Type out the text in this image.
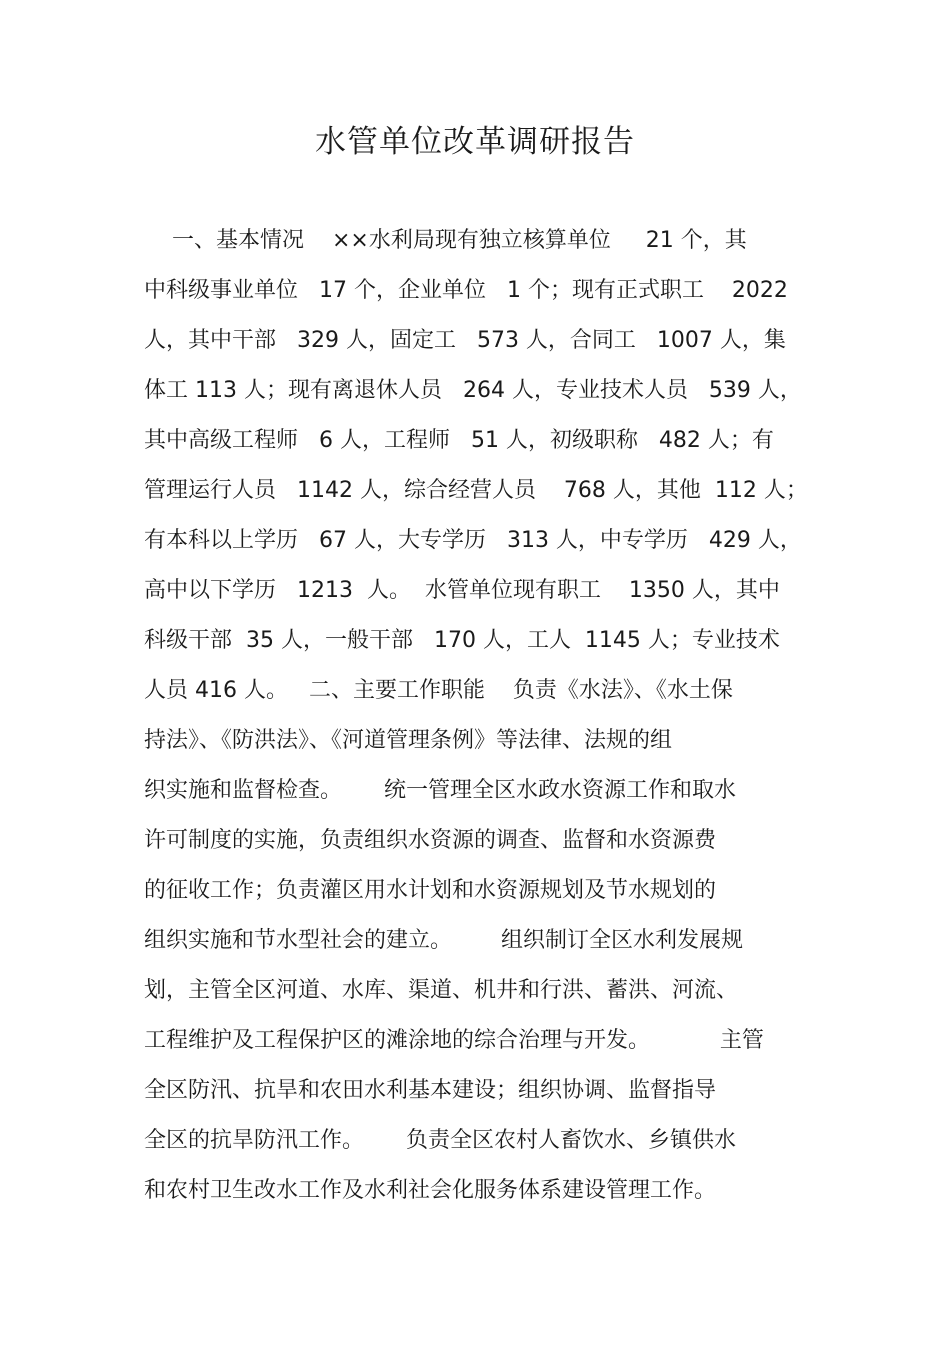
水管单位改革调研报告
一、基本情况    ××水利局现有独立核算单位     21 个，其
中科级事业单位   17 个，企业单位   1 个；现有正式职工    2022
人，其中干部   329 人，固定工   573 人，合同工   1007 人，集
体工 113 人；现有离退休人员   264 人，专业技术人员   539 人，
其中高级工程师   6 人，工程师   51 人，初级职称   482 人；有
管理运行人员   1142 人，综合经营人员    768 人，其他  112 人；
有本科以上学历   67 人，大专学历   313 人，中专学历   429 人，
高中以下学历   1213  人。  水管单位现有职工    1350 人，其中
科级干部  35 人，一般干部   170 人，工人  1145 人；专业技术
人员 416 人。   二、主要工作职能    负责《水法》、《水土保
持法》、《防洪法》、《河道管理条例》等法律、法规的组
织实施和监督检查。      统一管理全区水政水资源工作和取水
许可制度的实施，负责组织水资源的调查、监督和水资源费
的征收工作；负责灌区用水计划和水资源规划及节水规划的
组织实施和节水型社会的建立。       组织制订全区水利发展规
划，主管全区河道、水库、渠道、机井和行洪、蓄洪、河流、
工程维护及工程保护区的滩涂地的综合治理与开发。          主管
全区防汛、抗旱和农田水利基本建设；组织协调、监督指导
全区的抗旱防汛工作。      负责全区农村人畜饮水、乡镇供水
和农村卫生改水工作及水利社会化服务体系建设管理工作。
